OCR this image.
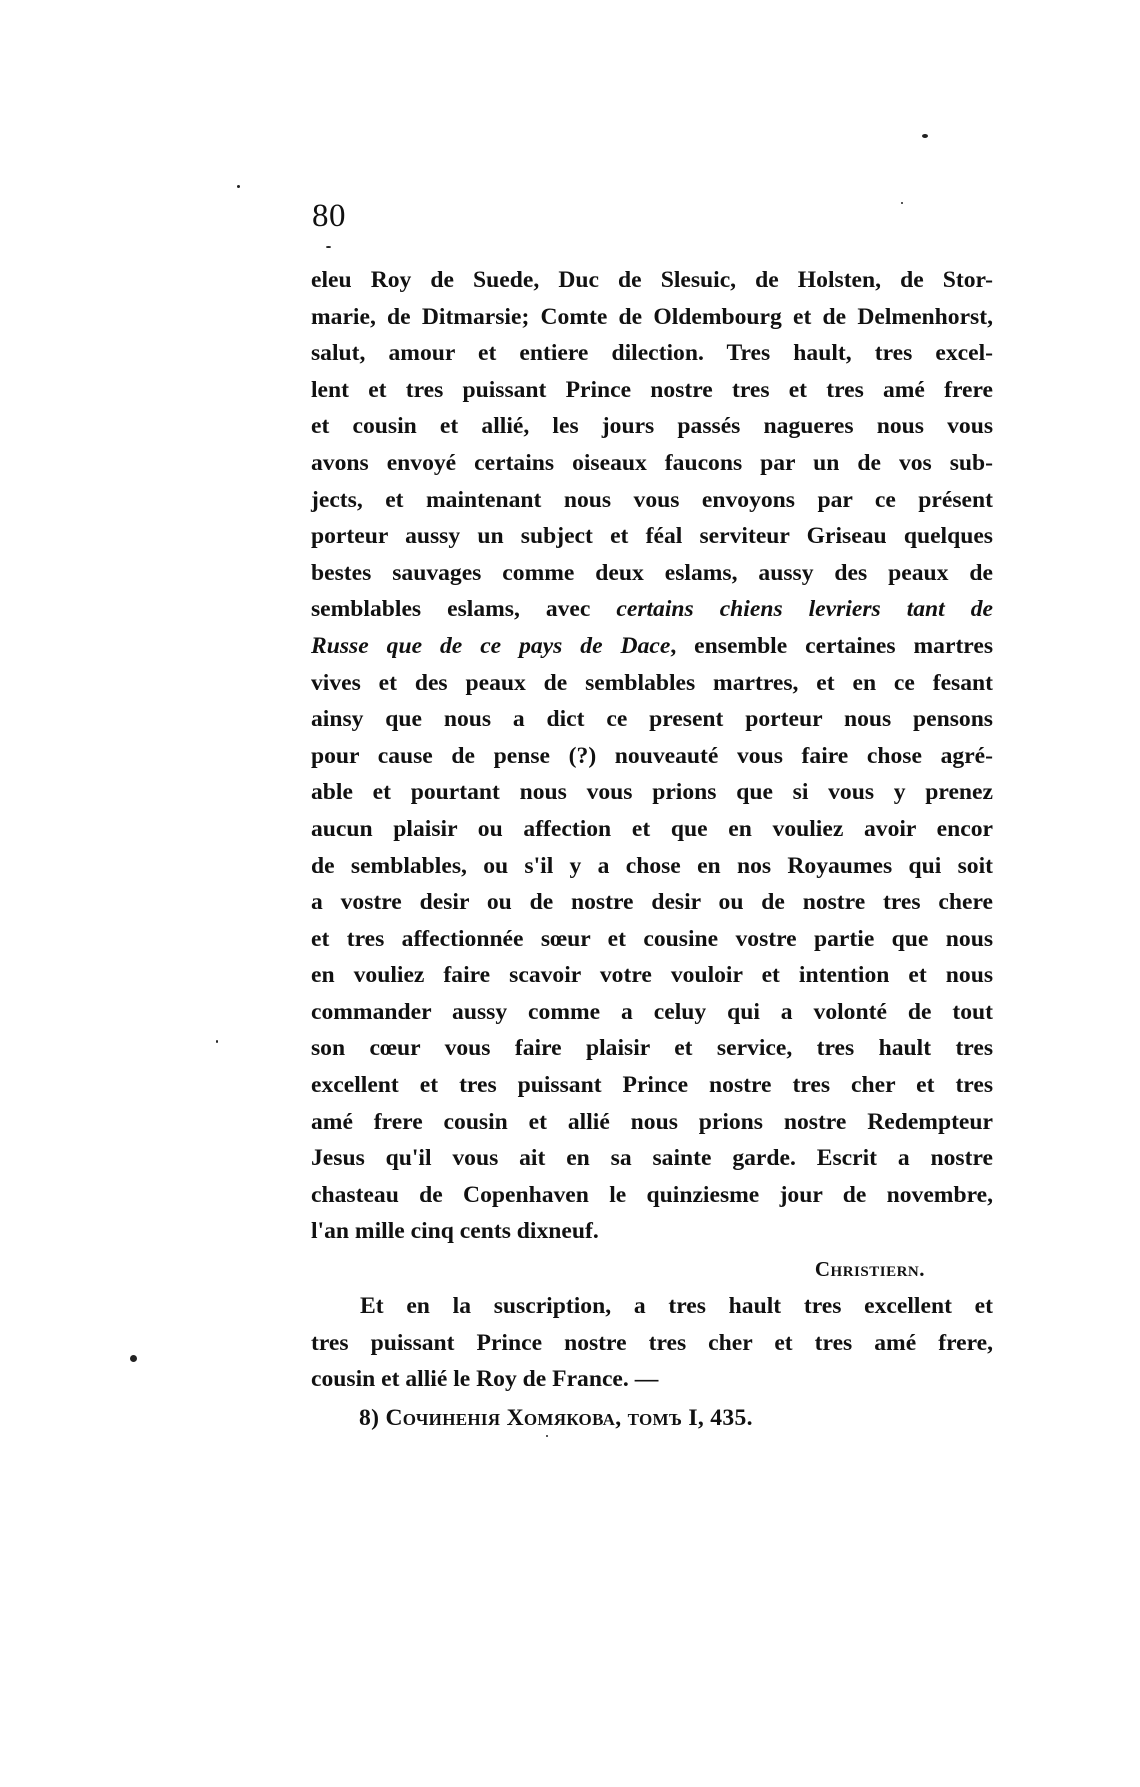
80
eleu Roy de Suede, Duc de Slesuic, de Holsten, de Stor-
marie, de Ditmarsie; Comte de Oldembourg et de Delmenhorst,
salut, amour et entiere dilection. Tres hault, tres excel-
lent et tres puissant Prince nostre tres et tres amé frere
et cousin et allié, les jours passés nagueres nous vous
avons envoyé certains oiseaux faucons par un de vos sub-
jects, et maintenant nous vous envoyons par ce présent
porteur aussy un subject et féal serviteur Griseau quelques
bestes sauvages comme deux eslams, aussy des peaux de
semblables eslams, avec certains chiens levriers tant de
Russe que de ce pays de Dace, ensemble certaines martres
vives et des peaux de semblables martres, et en ce fesant
ainsy que nous a dict ce present porteur nous pensons
pour cause de pense (?) nouveauté vous faire chose agré-
able et pourtant nous vous prions que si vous y prenez
aucun plaisir ou affection et que en vouliez avoir encor
de semblables, ou s'il y a chose en nos Royaumes qui soit
a vostre desir ou de nostre desir ou de nostre tres chere
et tres affectionnée sœur et cousine vostre partie que nous
en vouliez faire scavoir votre vouloir et intention et nous
commander aussy comme a celuy qui a volonté de tout
son cœur vous faire plaisir et service, tres hault tres
excellent et tres puissant Prince nostre tres cher et tres
amé frere cousin et allié nous prions nostre Redempteur
Jesus qu'il vous ait en sa sainte garde. Escrit a nostre
chasteau de Copenhaven le quinziesme jour de novembre,
l'an mille cinq cents dixneuf.
Christiern.
Et en la suscription, a tres hault tres excellent et
tres puissant Prince nostre tres cher et tres amé frere,
cousin et allié le Roy de France. —
8) Сочиненія Хомякова, томъ I, 435.
